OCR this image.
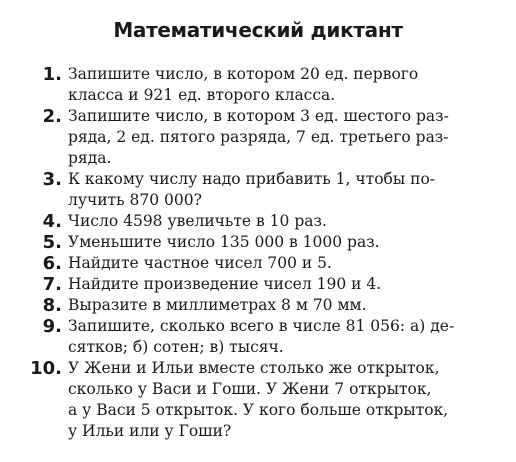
Математический диктант
1. Запишите число, в котором 20 ед. первого
класса и 921 ед. второго класса.
2. Запишите число, в котором 3 ед. шестого раз-
ряда, 2 ед. пятого разряда, 7 ед. третьего раз-
ряда.
3. К какому числу надо прибавить 1, чтобы по-
лучить 870 000?
4. Число 4598 увеличьте в 10 раз.
5. Уменьшите число 135 000 в 1000 раз.
6. Найдите частное чисел 700 и 5.
7. Найдите произведение чисел 190 и 4.
8. Выразите в миллиметрах 8 м 70 мм.
9. Запишите, сколько всего в числе 81 056: а) де-
сятков; б) сотен; в) тысяч.
10. У Жени и Ильи вместе столько же открыток,
сколько у Васи и Гоши. У Жени 7 открыток,
а у Васи 5 открыток. У кого больше открыток,
у Ильи или у Гоши?
